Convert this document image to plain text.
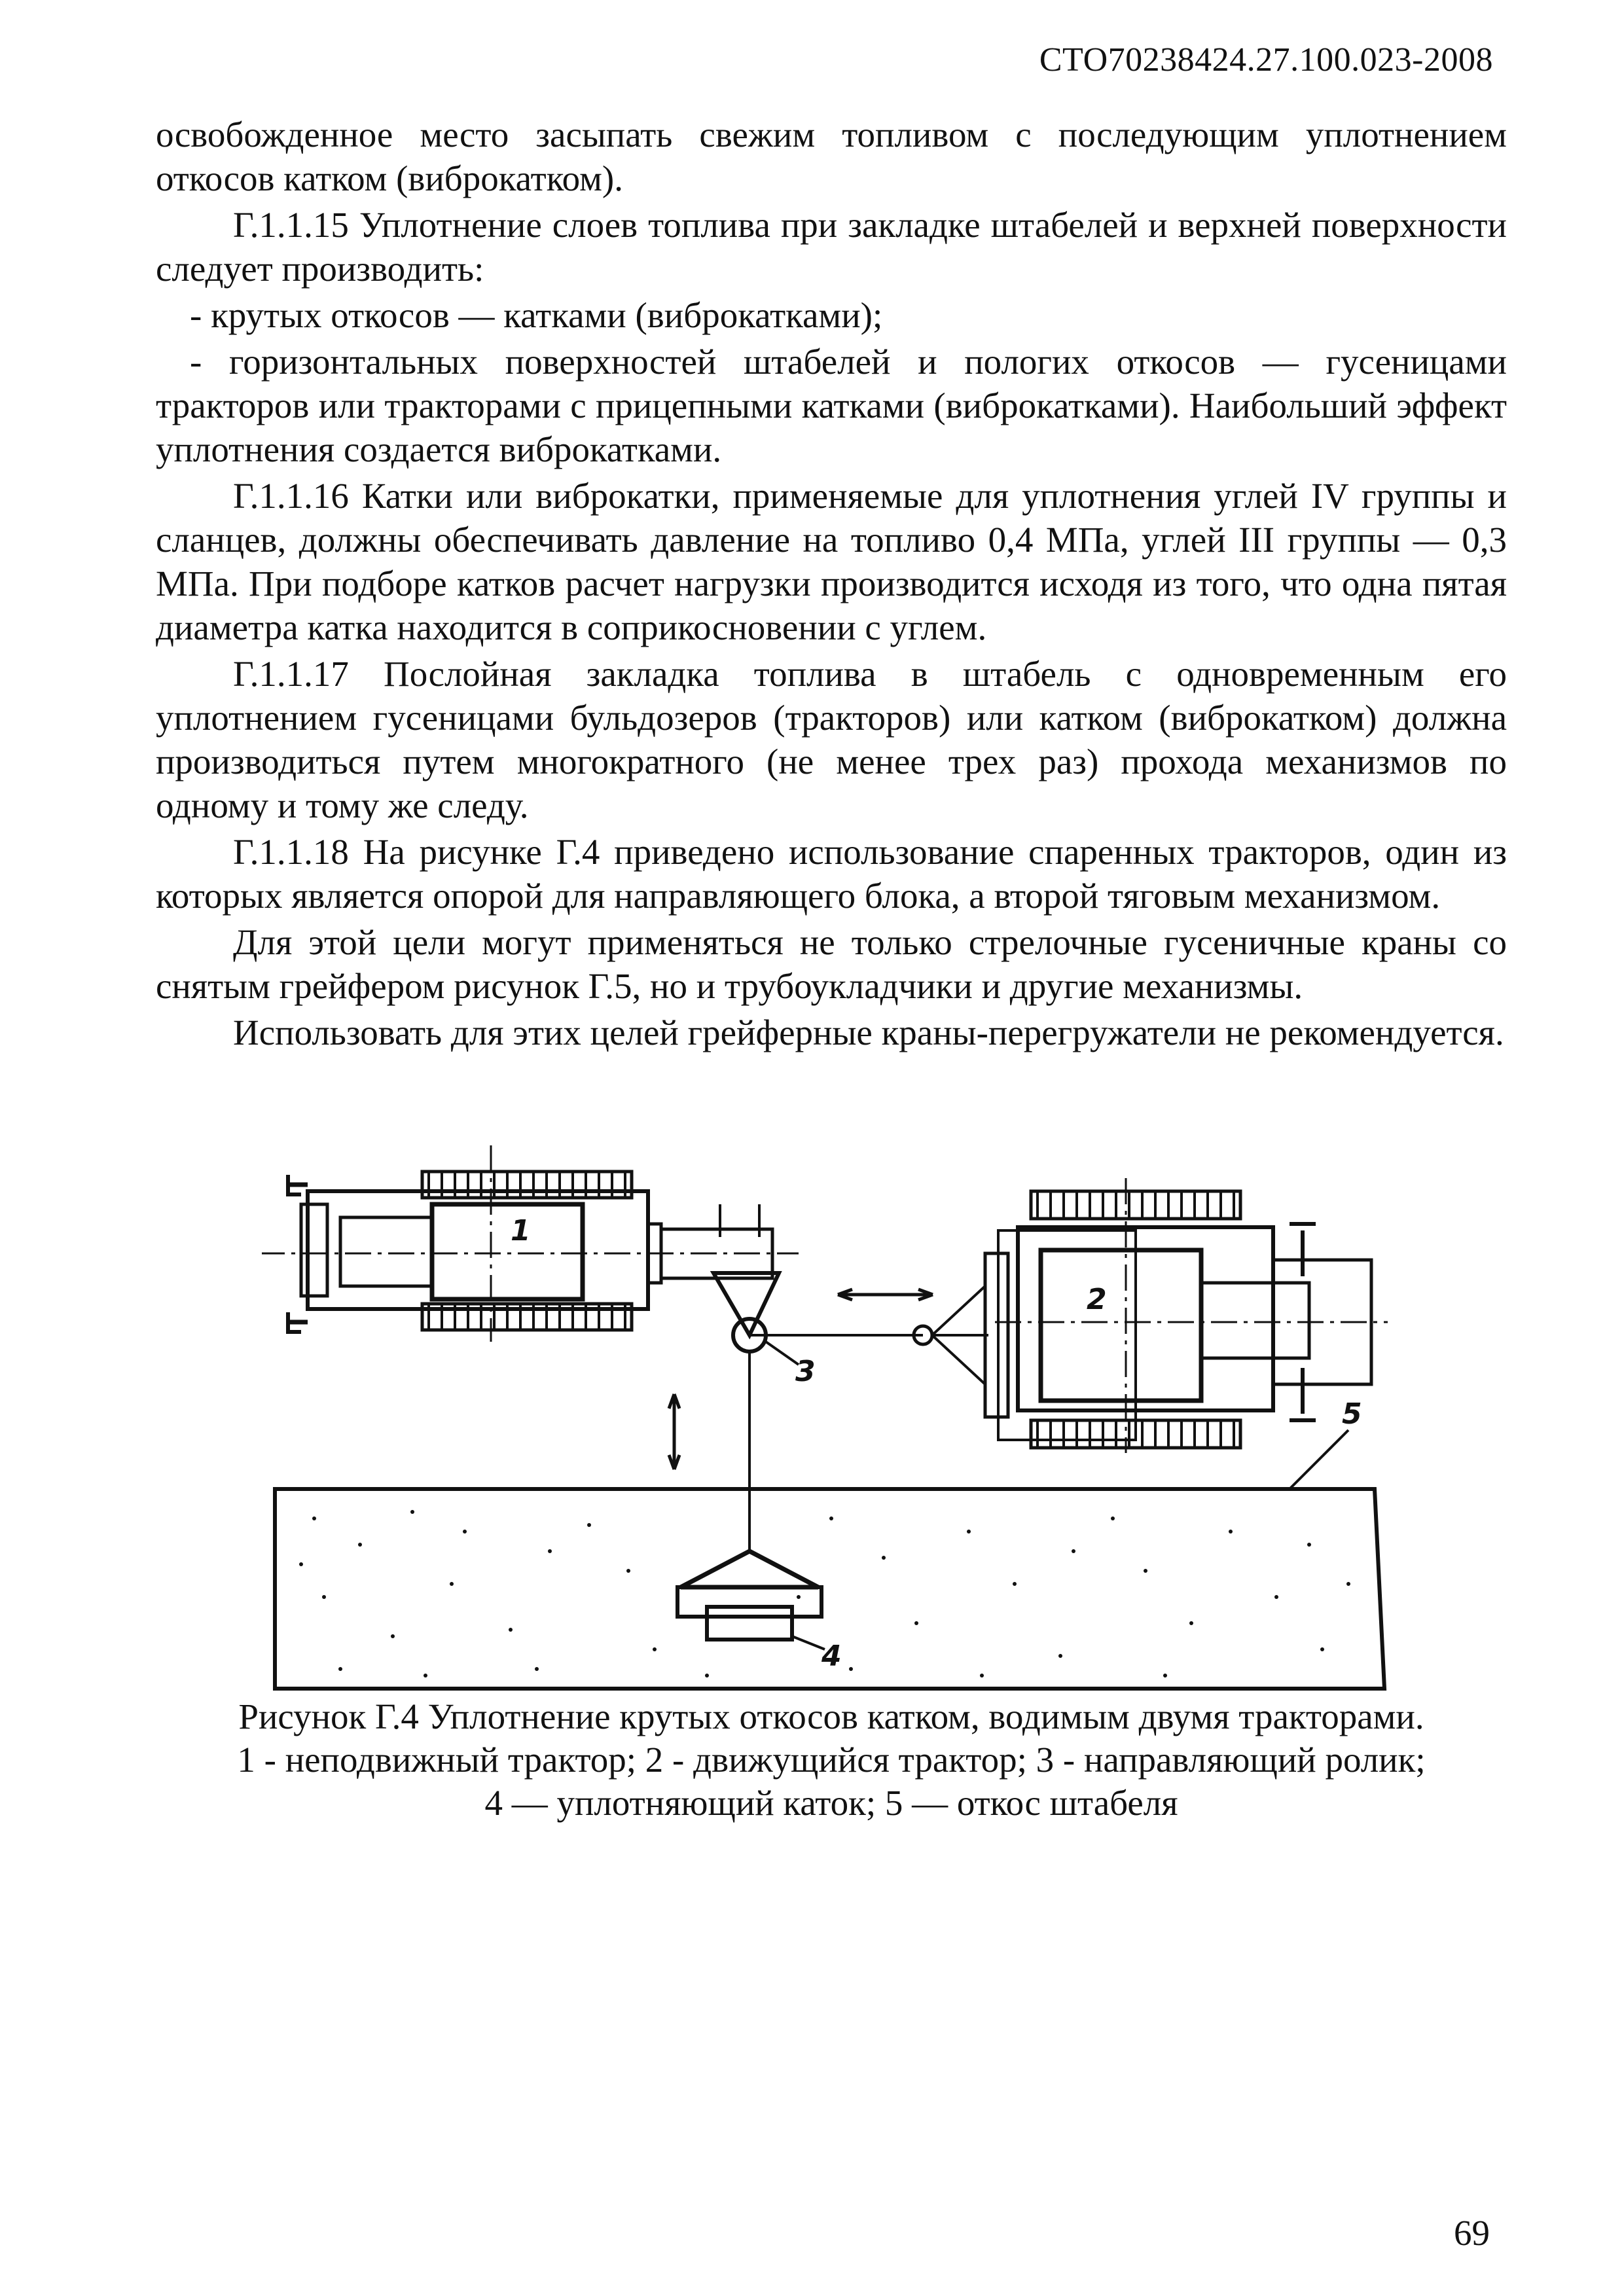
СТО70238424.27.100.023-2008

освобожденное место засыпать свежим топливом с последующим уплотнением откосов катком (виброкатком).

Г.1.1.15 Уплотнение слоев топлива при закладке штабелей и верхней поверхности следует производить:

- крутых откосов — катками (виброкатками);

- горизонтальных поверхностей штабелей и пологих откосов — гусеницами тракторов или тракторами с прицепными катками (виброкатками). Наибольший эффект уплотнения создается виброкатками.

Г.1.1.16 Катки или виброкатки, применяемые для уплотнения углей IV группы и сланцев, должны обеспечивать давление на топливо 0,4 МПа, углей III группы — 0,3 МПа. При подборе катков расчет нагрузки производится исходя из того, что одна пятая диаметра катка находится в соприкосновении с углем.

Г.1.1.17 Послойная закладка топлива в штабель с одновременным его уплотнением гусеницами бульдозеров (тракторов) или катком (виброкатком) должна производиться путем многократного (не менее трех раз) прохода механизмов по одному и тому же следу.

Г.1.1.18 На рисунке Г.4 приведено использование спаренных тракторов, один из которых является опорой для направляющего блока, а второй тяговым механизмом.

Для этой цели могут применяться не только стрелочные гусеничные краны со снятым грейфером рисунок Г.5, но и трубоукладчики и другие механизмы.

Использовать для этих целей грейферные краны-перегружатели не рекомендуется.

1
3
2
5
4
Рисунок Г.4 Уплотнение крутых откосов катком, водимым двумя тракторами.
1 - неподвижный трактор; 2 - движущийся трактор; 3 - направляющий ролик;
4 — уплотняющий каток; 5 — откос штабеля
69
